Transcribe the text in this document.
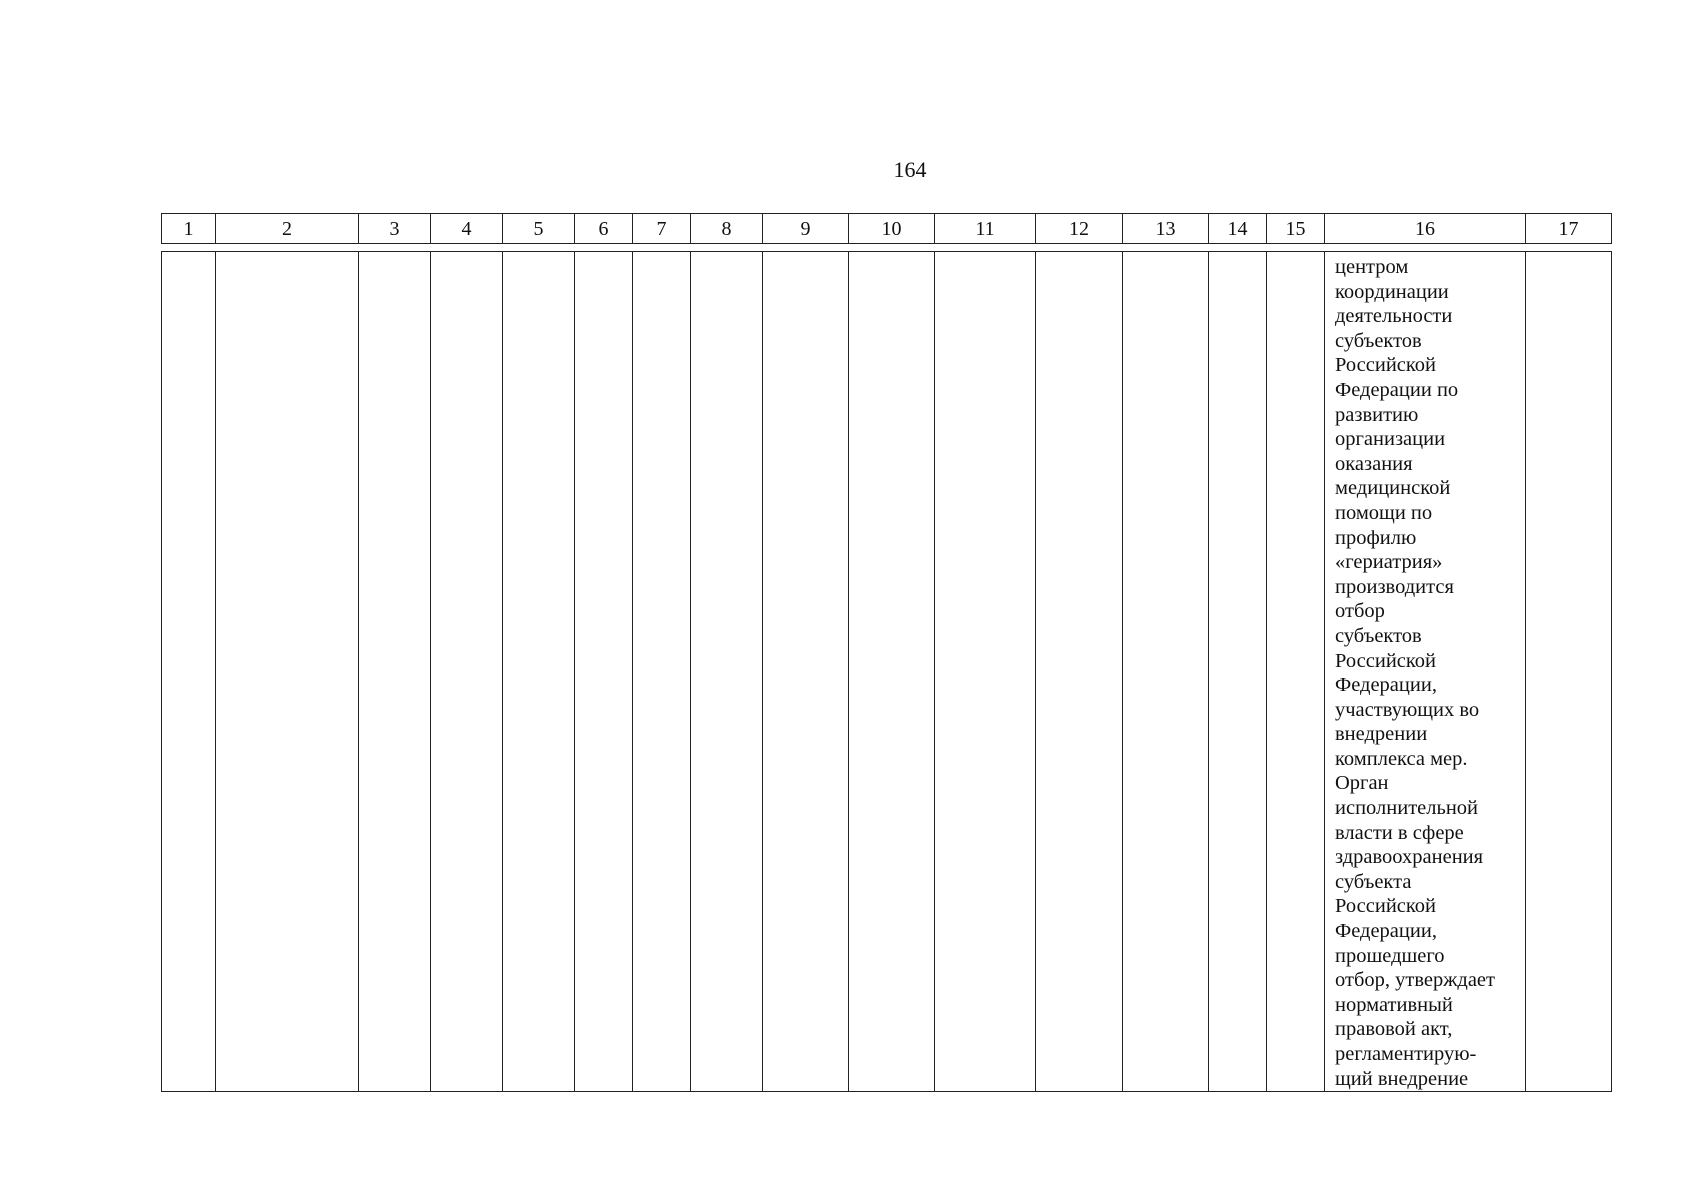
164
1	2	3	4	5	6	7	8	9	10	11	12	13	14	15	16	17
															центром координации
деятельности
субъектов
Российской
Федерации по
развитию
организации
оказания
медицинской
помощи по
профилю
«гериатрия»
производится
отбор
субъектов
Российской
Федерации,
участвующих во
внедрении
комплекса мер.
Орган
исполнительной
власти в сфере
здравоохранения
субъекта
Российской
Федерации,
прошедшего
отбор, утверждает
нормативный
правовой акт,
регламентирую-
щий внедрение	
